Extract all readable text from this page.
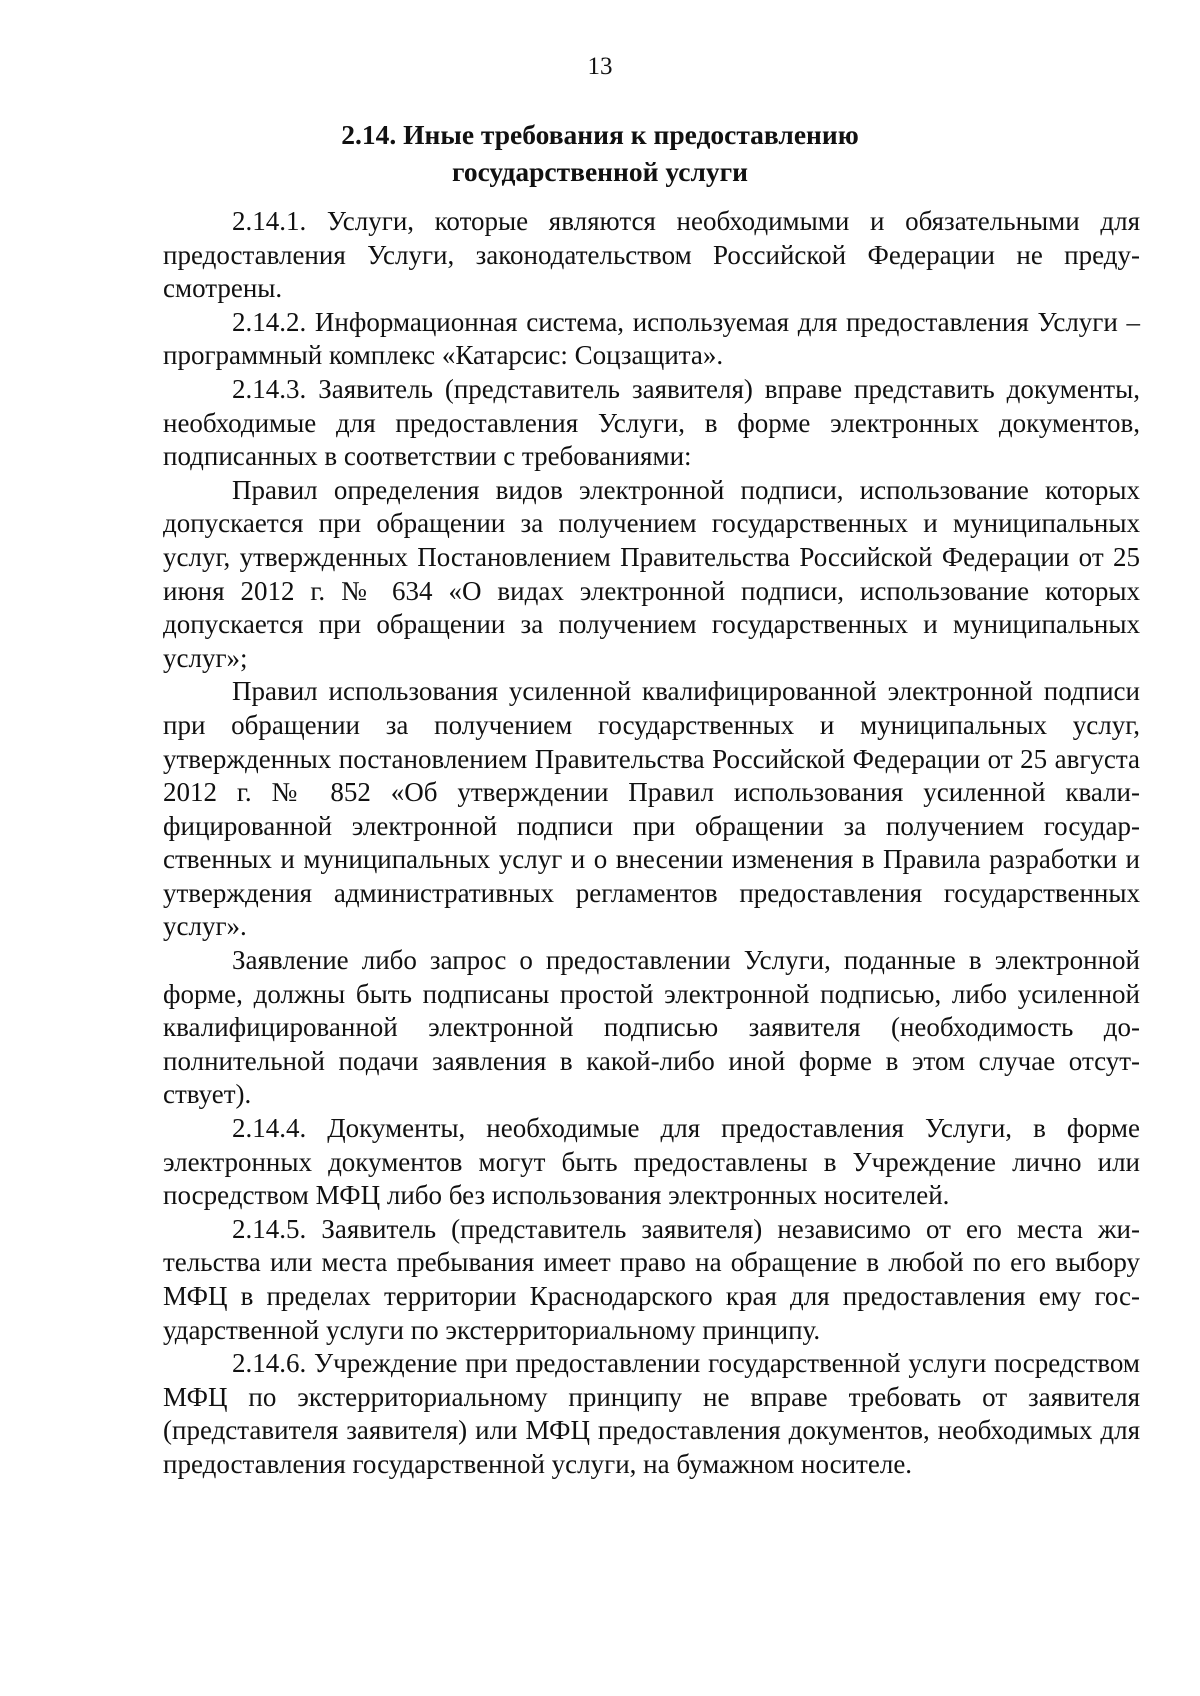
13
2.14. Иные требования к предоставлению
государственной услуги

2.14.1. Услуги, которые являются необходимыми и обязательными для предоставления Услуги, законодательством Российской Федерации не предусмотрены.

2.14.2. Информационная система, используемая для предоставления Услуги – программный комплекс «Катарсис: Соцзащита».

2.14.3. Заявитель (представитель заявителя) вправе представить документы, необходимые для предоставления Услуги, в форме электронных документов, подписанных в соответствии с требованиями:

Правил определения видов электронной подписи, использование которых допускается при обращении за получением государственных и муниципальных услуг, утвержденных Постановлением Правительства Российской Федерации от 25 июня 2012 г. № 634 «О видах электронной подписи, использование которых допускается при обращении за получением государственных и муниципальных услуг»;

Правил использования усиленной квалифицированной электронной подписи при обращении за получением государственных и муниципальных услуг, утвержденных постановлением Правительства Российской Федерации от 25 августа 2012 г. № 852 «Об утверждении Правил использования усиленной квалифицированной электронной подписи при обращении за получением государственных и муниципальных услуг и о внесении изменения в Правила разработки и утверждения административных регламентов предоставления государственных услуг».

Заявление либо запрос о предоставлении Услуги, поданные в электронной форме, должны быть подписаны простой электронной подписью, либо усиленной квалифицированной электронной подписью заявителя (необходимость дополнительной подачи заявления в какой-либо иной форме в этом случае отсутствует).

2.14.4. Документы, необходимые для предоставления Услуги, в форме электронных документов могут быть предоставлены в Учреждение лично или посредством МФЦ либо без использования электронных носителей.

2.14.5. Заявитель (представитель заявителя) независимо от его места жительства или места пребывания имеет право на обращение в любой по его выбору МФЦ в пределах территории Краснодарского края для предоставления ему государственной услуги по экстерриториальному принципу.

2.14.6. Учреждение при предоставлении государственной услуги посредством МФЦ по экстерриториальному принципу не вправе требовать от заявителя (представителя заявителя) или МФЦ предоставления документов, необходимых для предоставления государственной услуги, на бумажном носителе.
